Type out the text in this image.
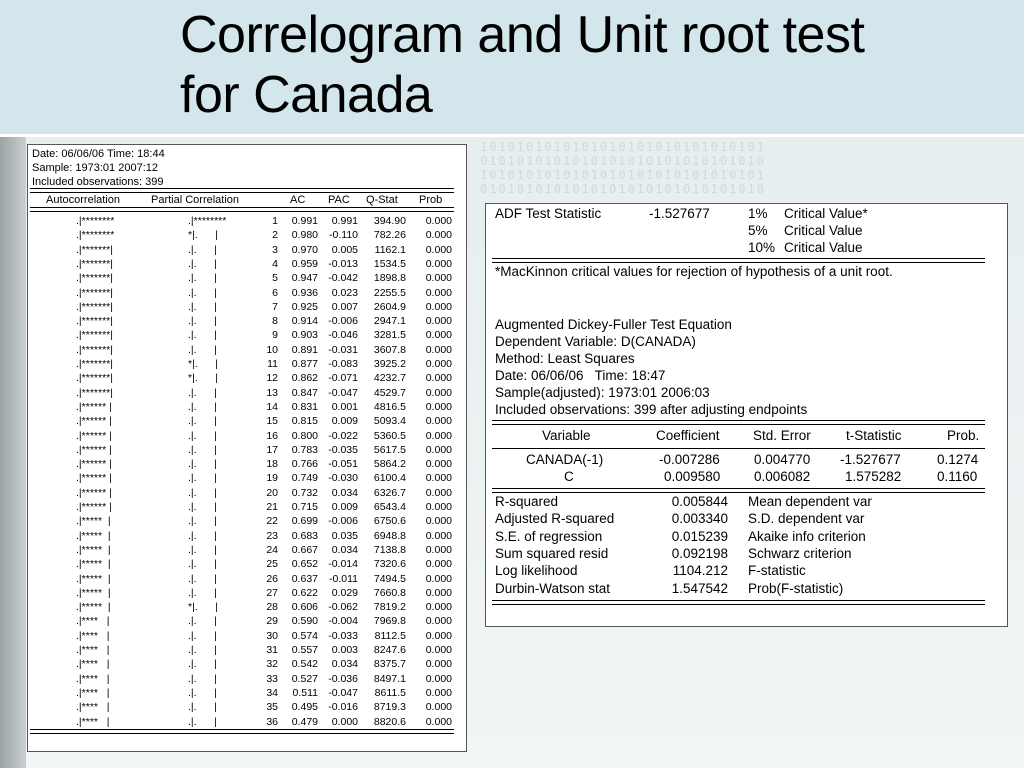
1010101010101010101010101010101
0101010101010101010101010101010
1010101010101010101010101010101
0101010101010101010101010101010
Correlogram and Unit root test
for Canada
Date: 06/06/06 Time: 18:44
Sample: 1973:01 2007:12
Included observations: 399
Autocorrelation	Partial Correlation	AC PAC Q-Stat Prob
.|********	.|********	1	0.991	0.991	394.90	0.000
.|********	*|.      |	2	0.980	-0.110	782.26	0.000
.|*******|	.|.      |	3	0.970	0.005	1162.1	0.000
.|*******|	.|.      |	4	0.959 -0.013	1534.5	0.000
.|*******|	.|.      |	5	0.947 -0.042	1898.8	0.000
.|*******|	.|.      |	6	0.936	0.023	2255.5	0.000
.|*******|	.|.      |	7	0.925	0.007	2604.9	0.000
.|*******|	.|.      |	8	0.914 -0.006	2947.1	0.000
.|*******|	.|.      |	9	0.903 -0.046	3281.5	0.000
.|*******|	.|.      |	10	0.891 -0.031	3607.8	0.000
.|*******|	*|.      |	11	0.877 -0.083	3925.2	0.000
.|*******|	*|.      |	12	0.862 -0.071	4232.7	0.000
.|*******|	.|.      |	13	0.847 -0.047	4529.7	0.000
.|****** |	.|.      |	14	0.831	0.001	4816.5	0.000
.|****** |	.|.      |	15	0.815	0.009	5093.4	0.000
.|****** |	.|.      |	16	0.800 -0.022	5360.5	0.000
.|****** |	.|.      |	17	0.783 -0.035	5617.5	0.000
.|****** |	.|.      |	18	0.766 -0.051	5864.2	0.000
.|****** |	.|.      |	19	0.749 -0.030	6100.4	0.000
.|****** |	.|.      |	20	0.732	0.034	6326.7	0.000
.|****** |	.|.      |	21	0.715	0.009	6543.4	0.000
.|*****  |	.|.      |	22	0.699 -0.006	6750.6	0.000
.|*****  |	.|.      |	23	0.683	0.035	6948.8	0.000
.|*****  |	.|.      |	24	0.667	0.034	7138.8	0.000
.|*****  |	.|.      |	25	0.652 -0.014	7320.6	0.000
.|*****  |	.|.      |	26	0.637	-0.011	7494.5	0.000
.|*****  |	.|.      |	27	0.622	0.029	7660.8	0.000
.|*****  |	*|.      |	28	0.606 -0.062	7819.2	0.000
.|****   |	.|.      |	29	0.590 -0.004	7969.8	0.000
.|****   |	.|.      |	30	0.574 -0.033	8112.5	0.000
.|****   |	.|.      |	31	0.557	0.003	8247.6	0.000
.|****   |	.|.      |	32	0.542	0.034	8375.7	0.000
.|****   |	.|.      |	33	0.527 -0.036	8497.1	0.000
.|****   |	.|.      |	34	0.511 -0.047	8611.5	0.000
.|****   |	.|.      |	35	0.495 -0.016	8719.3	0.000
.|****   |	.|.      |	36	0.479	0.000	8820.6	0.000
ADF Test Statistic	-1.527677	1% Critical Value*
5% Critical Value
10% Critical Value
*MacKinnon critical values for rejection of hypothesis of a unit root.
Augmented Dickey-Fuller Test Equation
Dependent Variable: D(CANADA)
Method: Least Squares
Date: 06/06/06   Time: 18:47
Sample(adjusted): 1973:01 2006:03
Included observations: 399 after adjusting endpoints
Variable	Coefficient Std. Error	t-Statistic	Prob.
CANADA(-1)	-0.007286	0.004770 -1.527677	0.1274
C	0.009580 0.006082	1.575282	0.1160
R-squared	0.005844 Mean dependent var
Adjusted R-squared	0.003340 S.D. dependent var
S.E. of regression	0.015239 Akaike info criterion
Sum squared resid	0.092198 Schwarz criterion
Log likelihood	1104.212 F-statistic
Durbin-Watson stat	1.547542 Prob(F-statistic)
